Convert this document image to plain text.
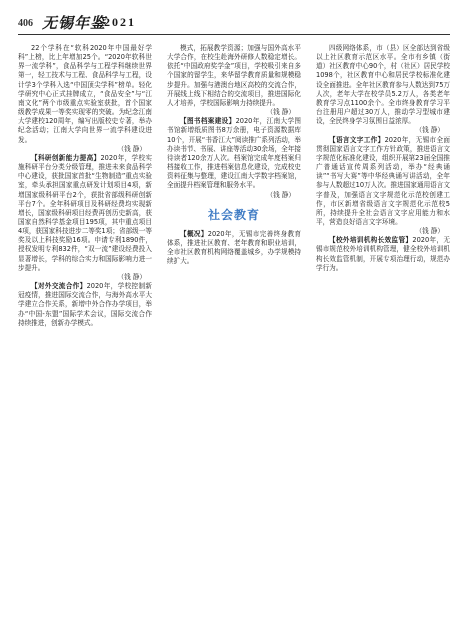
406 无锡年鉴
2021

22个学科在“软科2020年中国最好学科”上榜，比上年增加25个。“2020年软科世界一流学科”，食品科学与工程学科继续世界第一，轻工技术与工程、食品科学与工程，设计学3个学科入选“中国顶尖学科”榜单。轻化学研究中心正式挂牌成立，“食品安全”与“江南文化”两个市级重点实验室获批，首个国家级教学成果一等奖实现零的突破。为纪念江南大学建校120周年，编写出版校史专著，举办纪念活动；江南大学向世界一流学科建设进发。

（钱 静）

【科研创新能力提高】2020年，学校实施科研平台分类分级管理，推进未来食品科学中心建设，获批国家首批“生物制造”重点实验室，牵头承担国家重点研发计划项目4项，新增国家级科研平台2个，获批省部级科研创新平台7个。全年科研项目及科研经费均实现新增长，国家级科研项目经费再创历史新高，获国家自然科学基金项目195项，其中重点项目4项，获国家科技进步二等奖1项；省部级一等奖及以上科技奖励16项。申请专利1890件，授权发明专利832件，“双一流”建设经费投入显著增长，学科的综合实力和国际影响力进一步提升。

（钱 静）

【对外交流合作】2020年，学校控制新冠疫情，推进国际交流合作，与海外高水平大学建立合作关系，新增中外合作办学项目，举办“中国-东盟”国际学术会议，国际交流合作持续推进，创新办学模式。

模式，拓展教学资源；加强与国外高水平大学合作，在校生赴海外研修人数稳定增长。依托“中国政府奖学金”项目，学校吸引来自多个国家的留学生，来华留学教育质量和规模稳步提升。加强与港澳台地区高校的交流合作，开展线上线下相结合的交流项目，推进国际化人才培养，学校国际影响力持续提升。

（钱 静）

【图书档案建设】2020年，江南大学图书馆新增纸质图书8万余册，电子资源数据库10个，开展“书香江大”阅读推广系列活动，举办读书节、书展、讲座等活动30余场，全年接待读者120余万人次。档案馆完成年度档案归档接收工作，推进档案信息化建设，完成校史资料征集与整理，建设江南大学数字档案馆，全面提升档案管理和服务水平。

（钱 静）

社会教育

【概况】2020年，无锡市完善终身教育体系，推进社区教育、老年教育和职业培训，全市社区教育机构网络覆盖城乡，办学规模持续扩大。

四级网络体系，市（县）区全部达到省级以上社区教育示范区水平。全市有乡镇（街道）社区教育中心90个，村（社区）居民学校1098个，社区教育中心和居民学校标准化建设全面推进。全年社区教育参与人数达到75万人次，老年大学在校学员5.2万人，各类老年教育学习点1100余个。全市终身教育学习平台注册用户超过30万人，推动学习型城市建设，全民终身学习氛围日益浓厚。

（钱 静）

【语言文字工作】2020年，无锡市全面贯彻国家语言文字工作方针政策，推进语言文字规范化标准化建设，组织开展第23届全国推广普通话宣传周系列活动，举办“经典诵读”“书写大赛”等中华经典诵写讲活动，全年参与人数超过10万人次。推进国家通用语言文字普及，加强语言文字规范化示范校创建工作，市区新增省级语言文字规范化示范校5所，持续提升全社会语言文字应用能力和水平，营造良好语言文字环境。

（钱 静）

【校外培训机构长效监管】2020年，无锡市规范校外培训机构管理，健全校外培训机构长效监管机制，开展专项治理行动，规范办学行为。
